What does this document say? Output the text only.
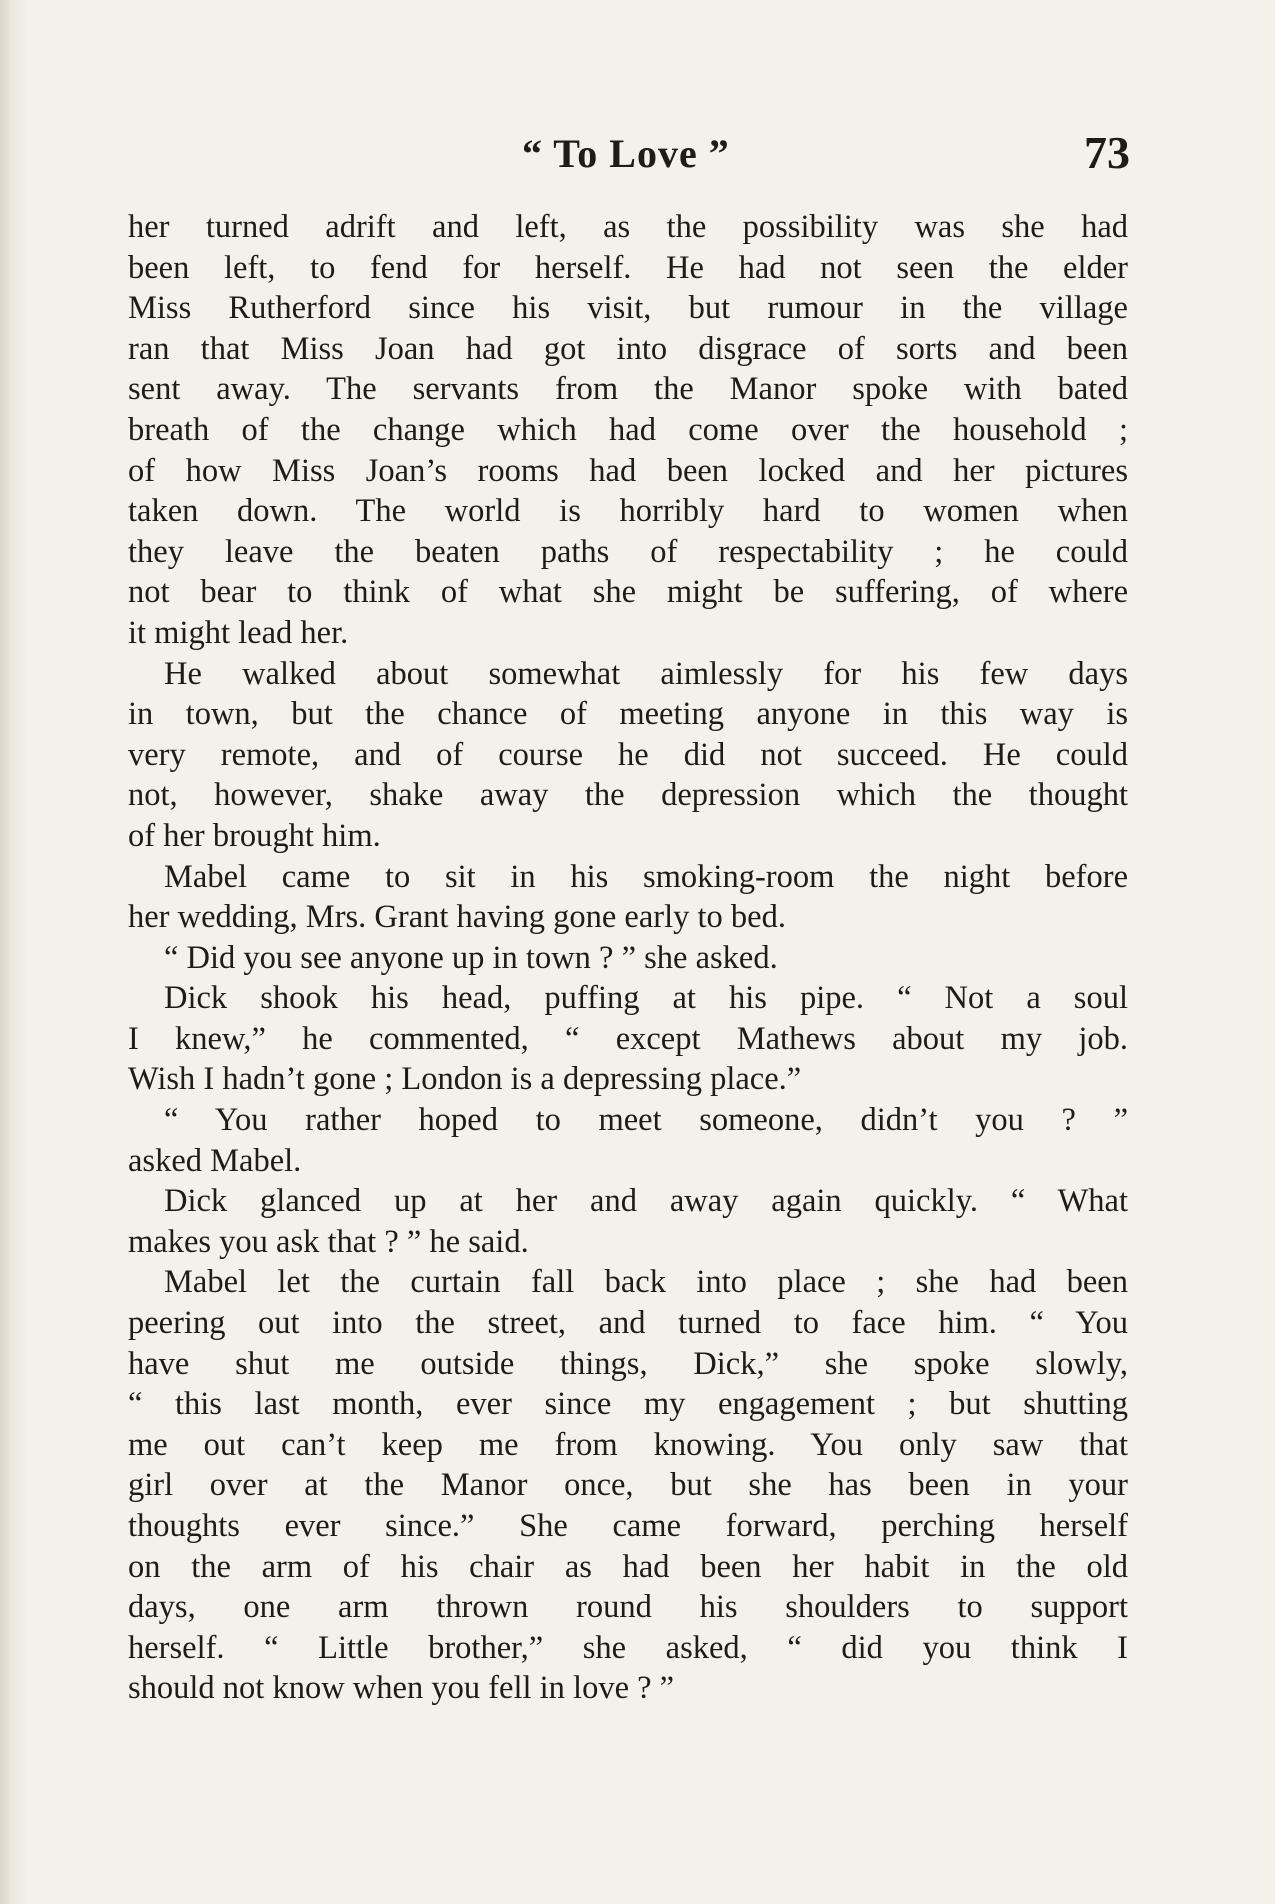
“ To Love ”	73
her turned adrift and left, as the possibility was she had
been left, to fend for herself. He had not seen the elder
Miss Rutherford since his visit, but rumour in the village
ran that Miss Joan had got into disgrace of sorts and been
sent away. The servants from the Manor spoke with bated
breath of the change which had come over the household ;
of how Miss Joan’s rooms had been locked and her pictures
taken down. The world is horribly hard to women when
they leave the beaten paths of respectability ; he could
not bear to think of what she might be suffering, of where
it might lead her.
He walked about somewhat aimlessly for his few days
in town, but the chance of meeting anyone in this way is
very remote, and of course he did not succeed. He could
not, however, shake away the depression which the thought
of her brought him.
Mabel came to sit in his smoking-room the night before
her wedding, Mrs. Grant having gone early to bed.
“ Did you see anyone up in town ? ” she asked.
Dick shook his head, puffing at his pipe. “ Not a soul
I knew,” he commented, “ except Mathews about my job.
Wish I hadn’t gone ; London is a depressing place.”
“ You rather hoped to meet someone, didn’t you ? ”
asked Mabel.
Dick glanced up at her and away again quickly. “ What
makes you ask that ? ” he said.
Mabel let the curtain fall back into place ; she had been
peering out into the street, and turned to face him. “ You
have shut me outside things, Dick,” she spoke slowly,
“ this last month, ever since my engagement ; but shutting
me out can’t keep me from knowing. You only saw that
girl over at the Manor once, but she has been in your
thoughts ever since.” She came forward, perching herself
on the arm of his chair as had been her habit in the old
days, one arm thrown round his shoulders to support
herself. “ Little brother,” she asked, “ did you think I
should not know when you fell in love ? ”
